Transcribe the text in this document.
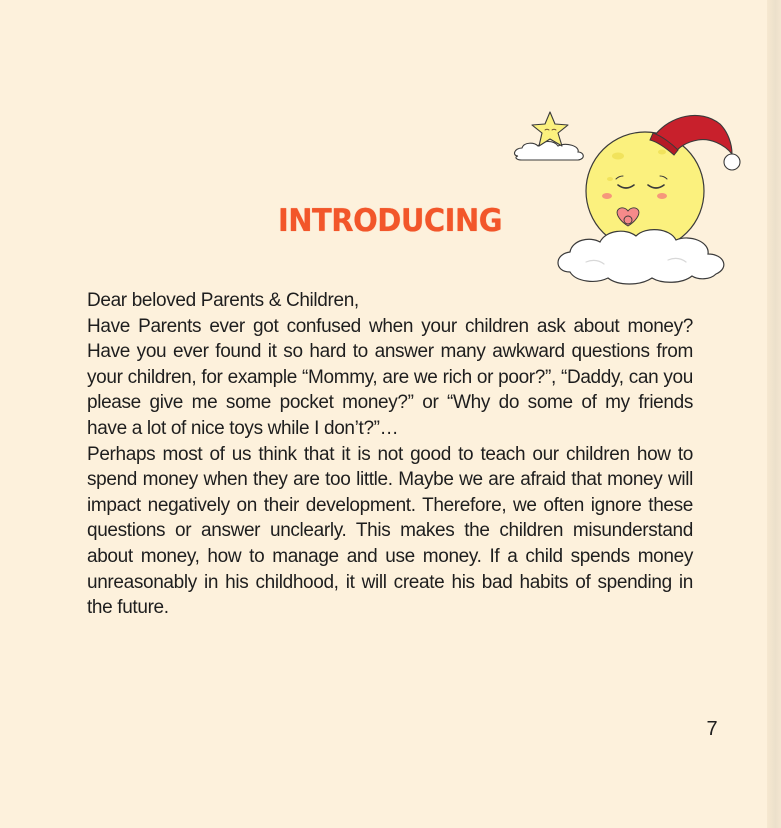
INTRODUCING

Dear beloved Parents & Children,

Have Parents ever got confused when your children ask about money? Have you ever found it so hard to answer many awkward questions from your children, for example “Mommy, are we rich or poor?”, “Daddy, can you please give me some pocket money?” or “Why do some of my friends have a lot of nice toys while I don’t?”…

Perhaps most of us think that it is not good to teach our children how to spend money when they are too little. Maybe we are afraid that money will impact negatively on their development. Therefore, we often ignore these questions or answer unclearly. This makes the children misunderstand about money, how to manage and use money. If a child spends money unreasonably in his childhood, it will create his bad habits of spending in the future.

7
